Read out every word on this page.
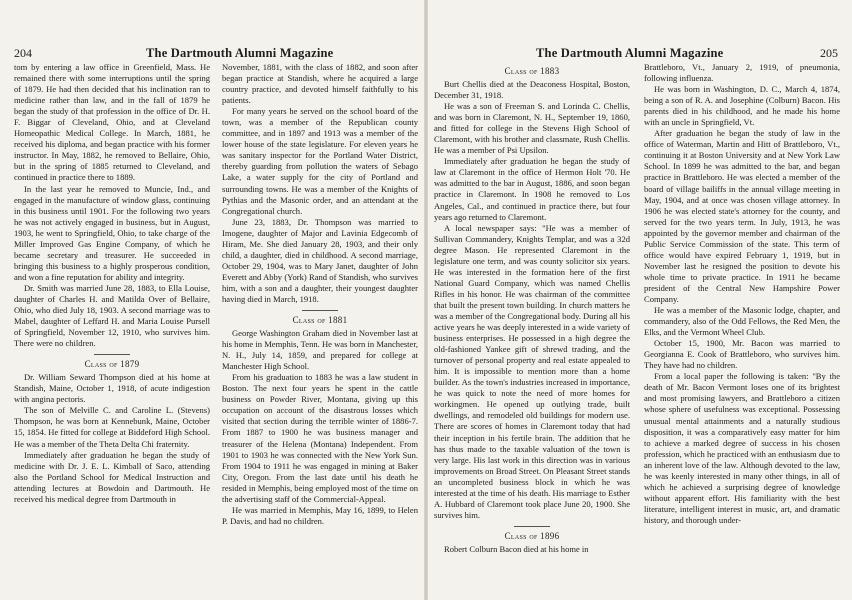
204	The Dartmouth Alumni Magazine

tom by entering a law office in Greenfield, Mass. He remained there with some interruptions until the spring of 1879. He had then decided that his inclination ran to medicine rather than law, and in the fall of 1879 he began the study of that profession in the office of Dr. H. F. Biggar of Cleveland, Ohio, and at Cleveland Homeopathic Medical College. In March, 1881, he received his diploma, and began practice with his former instructor. In May, 1882, he removed to Bellaire, Ohio, but in the spring of 1885 returned to Cleveland, and continued in practice there to 1889.

In the last year he removed to Muncie, Ind., and engaged in the manufacture of window glass, continuing in this business until 1901. For the following two years he was not actively engaged in business, but in August, 1903, he went to Springfield, Ohio, to take charge of the Miller Improved Gas Engine Company, of which he became secretary and treasurer. He succeeded in bringing this business to a highly prosperous condition, and won a fine reputation for ability and integrity.

Dr. Smith was married June 28, 1883, to Ella Louise, daughter of Charles H. and Matilda Over of Bellaire, Ohio, who died July 18, 1903. A second marriage was to Mabel, daughter of Leffard H. and Maria Louise Pursell of Springfield, November 12, 1910, who survives him. There were no children.

Class of 1879

Dr. William Seward Thompson died at his home at Standish, Maine, October 1, 1918, of acute indigestion with angina pectoris.

The son of Melville C. and Caroline L. (Stevens) Thompson, he was born at Kennebunk, Maine, October 15, 1854. He fitted for college at Biddeford High School. He was a member of the Theta Delta Chi fraternity.

Immediately after graduation he began the study of medicine with Dr. J. E. L. Kimball of Saco, attending also the Portland School for Medical Instruction and attending lectures at Bowdoin and Dartmouth. He received his medical degree from Dartmouth in

November, 1881, with the class of 1882, and soon after began practice at Standish, where he acquired a large country practice, and devoted himself faithfully to his patients.

For many years he served on the school board of the town, was a member of the Republican county committee, and in 1897 and 1913 was a member of the lower house of the state legislature. For eleven years he was sanitary inspector for the Portland Water District, thereby guarding from pollution the waters of Sebago Lake, a water supply for the city of Portland and surrounding towns. He was a member of the Knights of Pythias and the Masonic order, and an attendant at the Congregational church.

June 23, 1883, Dr. Thompson was married to Imogene, daughter of Major and Lavinia Edgecomb of Hiram, Me. She died January 28, 1903, and their only child, a daughter, died in childhood. A second marriage, October 29, 1904, was to Mary Janet, daughter of John Everett and Abby (York) Rand of Standish, who survives him, with a son and a daughter, their youngest daughter having died in March, 1918.

Class of 1881

George Washington Graham died in November last at his home in Memphis, Tenn. He was born in Manchester, N. H., July 14, 1859, and prepared for college at Manchester High School.

From his graduation to 1883 he was a law student in Boston. The next four years he spent in the cattle business on Powder River, Montana, giving up this occupation on account of the disastrous losses which visited that section during the terrible winter of 1886-7. From 1887 to 1900 he was business manager and treasurer of the Helena (Montana) Independent. From 1901 to 1903 he was connected with the New York Sun. From 1904 to 1911 he was engaged in mining at Baker City, Oregon. From the last date until his death he resided in Memphis, being employed most of the time on the advertising staff of the Commercial-Appeal.

He was married in Memphis, May 16, 1899, to Helen P. Davis, and had no children.

The Dartmouth Alumni Magazine	205
Class of 1883

Burt Chellis died at the Deaconess Hospital, Boston, December 31, 1918.

He was a son of Freeman S. and Lorinda C. Chellis, and was born in Claremont, N. H., September 19, 1860, and fitted for college in the Stevens High School of Claremont, with his brother and classmate, Rush Chellis. He was a member of Psi Upsilon.

Immediately after graduation he began the study of law at Claremont in the office of Hermon Holt '70. He was admitted to the bar in August, 1886, and soon began practice in Claremont. In 1908 he removed to Los Angeles, Cal., and continued in practice there, but four years ago returned to Claremont.

A local newspaper says: "He was a member of Sullivan Commandery, Knights Templar, and was a 32d degree Mason. He represented Claremont in the legislature one term, and was county solicitor six years. He was interested in the formation here of the first National Guard Company, which was named Chellis Rifles in his honor. He was chairman of the committee that built the present town building. In church matters he was a member of the Congregational body. During all his active years he was deeply interested in a wide variety of business enterprises. He possessed in a high degree the old-fashioned Yankee gift of shrewd trading, and the turnover of personal property and real estate appealed to him. It is impossible to mention more than a home builder. As the town's industries increased in importance, he was quick to note the need of more homes for workingmen. He opened up outlying trade, built dwellings, and remodeled old buildings for modern use. There are scores of homes in Claremont today that had their inception in his fertile brain. The addition that he has thus made to the taxable valuation of the town is very large. His last work in this direction was in various improvements on Broad Street. On Pleasant Street stands an uncompleted business block in which he was interested at the time of his death. His marriage to Esther A. Hubbard of Claremont took place June 20, 1900. She survives him.

Class of 1896

Robert Colburn Bacon died at his home in

Brattleboro, Vt., January 2, 1919, of pneumonia, following influenza.

He was born in Washington, D. C., March 4, 1874, being a son of R. A. and Josephine (Colburn) Bacon. His parents died in his childhood, and he made his home with an uncle in Springfield, Vt.

After graduation he began the study of law in the office of Waterman, Martin and Hitt of Brattleboro, Vt., continuing it at Boston University and at New York Law School. In 1899 he was admitted to the bar, and began practice in Brattleboro. He was elected a member of the board of village bailiffs in the annual village meeting in May, 1904, and at once was chosen village attorney. In 1906 he was elected state's attorney for the county, and served for the two years term. In July, 1913, he was appointed by the governor member and chairman of the Public Service Commission of the state. This term of office would have expired February 1, 1919, but in November last he resigned the position to devote his whole time to private practice. In 1911 he became president of the Central New Hampshire Power Company.

He was a member of the Masonic lodge, chapter, and commandery, also of the Odd Fellows, the Red Men, the Elks, and the Vermont Wheel Club.

October 15, 1900, Mr. Bacon was married to Georgianna E. Cook of Brattleboro, who survives him. They have had no children.

From a local paper the following is taken: "By the death of Mr. Bacon Vermont loses one of its brightest and most promising lawyers, and Brattleboro a citizen whose sphere of usefulness was exceptional. Possessing unusual mental attainments and a naturally studious disposition, it was a comparatively easy matter for him to achieve a marked degree of success in his chosen profession, which he practiced with an enthusiasm due to an inherent love of the law. Although devoted to the law, he was keenly interested in many other things, in all of which he achieved a surprising degree of knowledge without apparent effort. His familiarity with the best literature, intelligent interest in music, art, and dramatic history, and thorough under-
